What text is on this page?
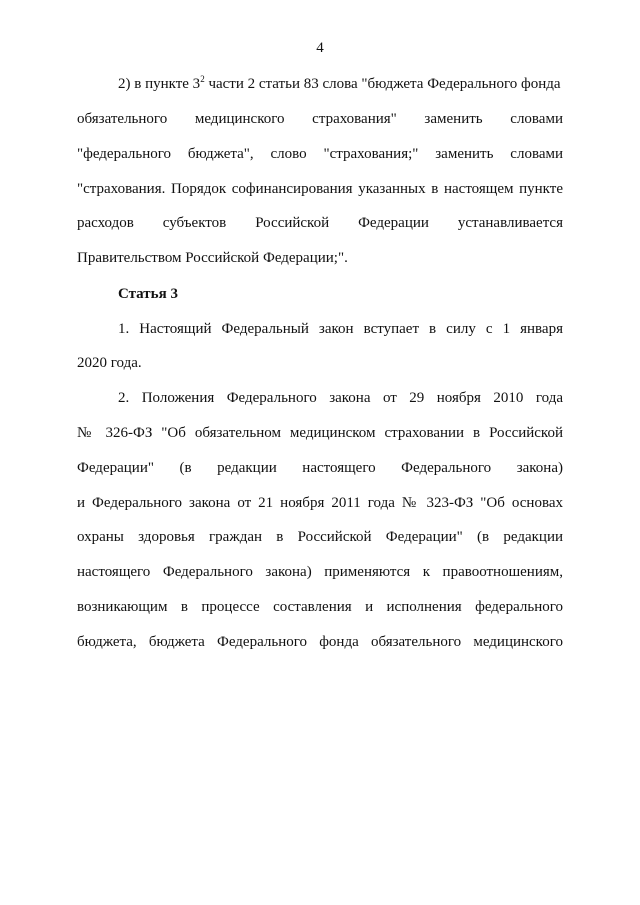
4
2) в пункте $3^2$ части 2 статьи 83 слова "бюджета Федерального фонда
обязательного медицинского страхования" заменить словами
"федерального бюджета", слово "страхования;" заменить словами
"страхования. Порядок софинансирования указанных в настоящем пункте
расходов субъектов Российской Федерации устанавливается
Правительством Российской Федерации;".
Статья 3
1. Настоящий Федеральный закон вступает в силу с 1 января
2020 года.
2. Положения Федерального закона от 29 ноября 2010 года
№ 326-ФЗ "Об обязательном медицинском страховании в Российской
Федерации" (в редакции настоящего Федерального закона)
и Федерального закона от 21 ноября 2011 года № 323-ФЗ "Об основах
охраны здоровья граждан в Российской Федерации" (в редакции
настоящего Федерального закона) применяются к правоотношениям,
возникающим в процессе составления и исполнения федерального
бюджета, бюджета Федерального фонда обязательного медицинского
